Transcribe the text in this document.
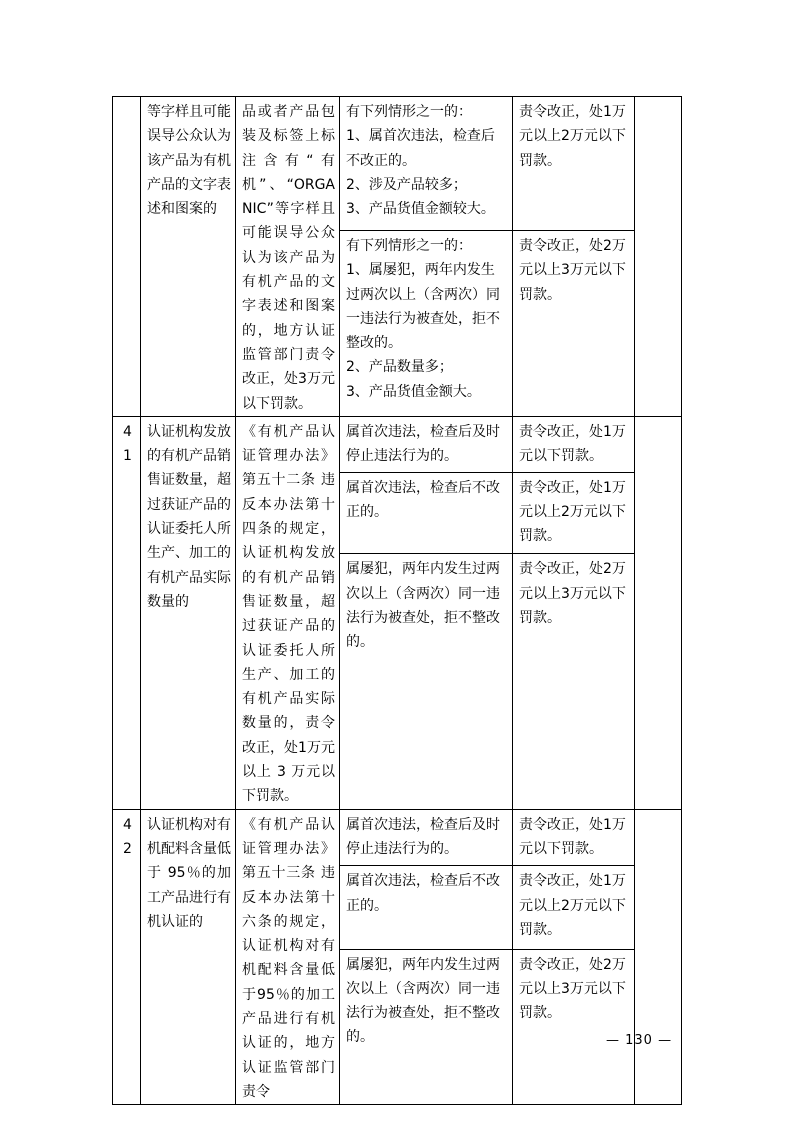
	等字样且可能误导公众认为该产品为有机产品的文字表述和图案的	品或者产品包装及标签上标注含有“有机”、“ORGANIC”等字样且可能误导公众认为该产品为有机产品的文字表述和图案的，地方认证监管部门责令改正，处3万元以下罚款。	有下列情形之一的：
1、属首次违法，检查后不改正的。
2、涉及产品较多；
3、产品货值金额较大。	责令改正，处1万元以上2万元以下罚款。	

			有下列情形之一的：
1、属屡犯，两年内发生过两次以上（含两次）同一违法行为被查处，拒不整改的。
2、产品数量多；
3、产品货值金额大。	责令改正，处2万元以上3万元以下罚款。	
41	认证机构发放的有机产品销售证数量，超过获证产品的认证委托人所生产、加工的有机产品实际数量的	《有机产品认证管理办法》第五十二条 违反本办法第十四条的规定，认证机构发放的有机产品销售证数量，超过获证产品的认证委托人所生产、加工的有机产品实际数量的，责令改正，处1万元以上 3 万元以下罚款。	属首次违法，检查后及时停止违法行为的。	责令改正，处1万元以下罚款。	
			属首次违法，检查后不改正的。	责令改正，处1万元以上2万元以下罚款。	
			属屡犯，两年内发生过两次以上（含两次）同一违法行为被查处，拒不整改的。	责令改正，处2万元以上3万元以下罚款。	
42	认证机构对有机配料含量低于 95％的加工产品进行有机认证的	《有机产品认证管理办法》第五十三条 违反本办法第十六条的规定，认证机构对有机配料含量低于95％的加工产品进行有机认证的，地方认证监管部门责令	属首次违法，检查后及时停止违法行为的。	责令改正，处1万元以下罚款。	
			属首次违法，检查后不改正的。	责令改正，处1万元以上2万元以下罚款。	
			属屡犯，两年内发生过两次以上（含两次）同一违法行为被查处，拒不整改的。	责令改正，处2万元以上3万元以下罚款。	
— 130 —
